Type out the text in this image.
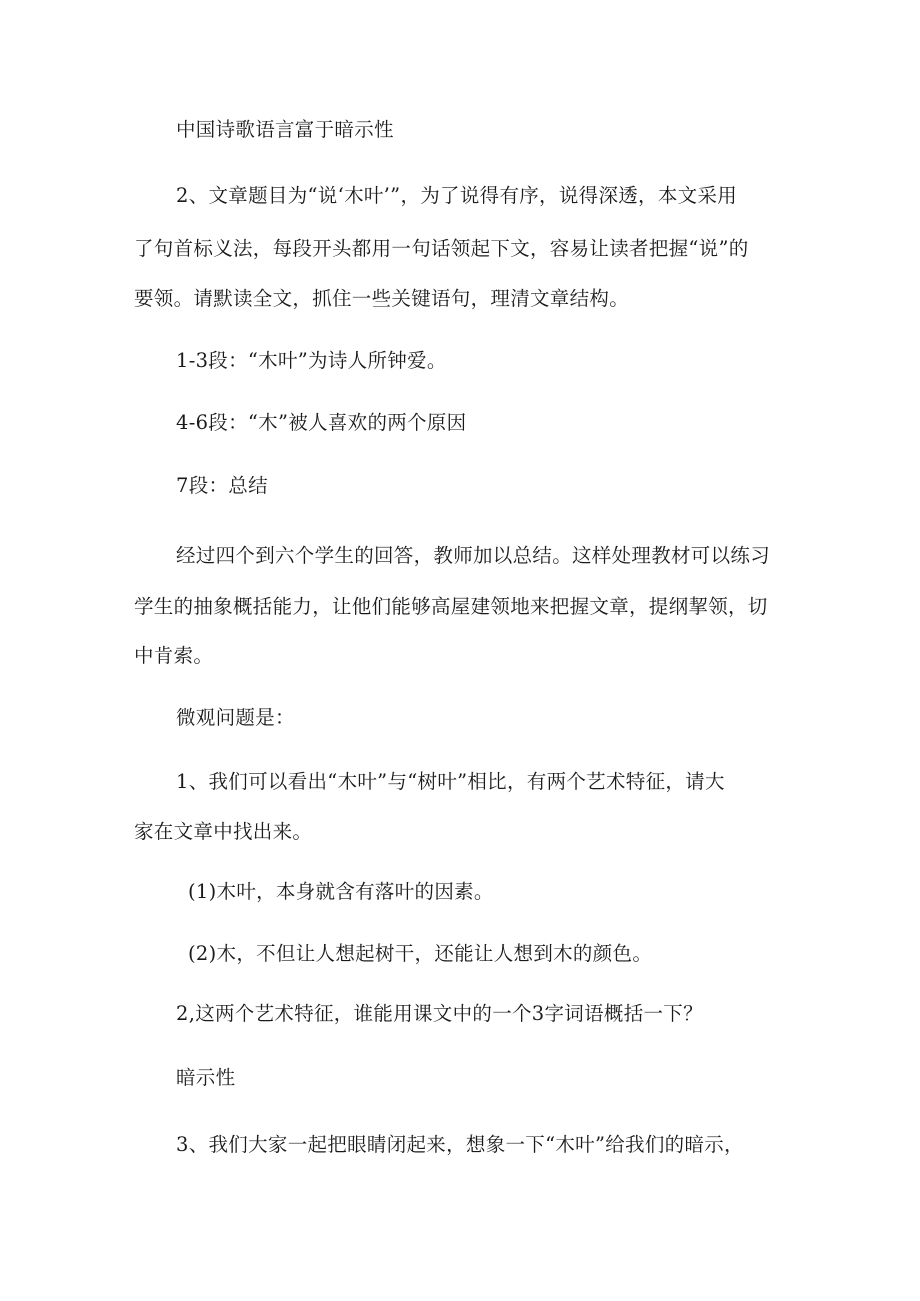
中国诗歌语言富于暗示性
2、文章题目为“说‘木叶’”，为了说得有序，说得深透，本文采用
了句首标义法，每段开头都用一句话领起下文，容易让读者把握“说”的
要领。请默读全文，抓住一些关键语句，理清文章结构。
1-3段：“木叶”为诗人所钟爱。
4-6段：“木”被人喜欢的两个原因
7段：总结
经过四个到六个学生的回答，教师加以总结。这样处理教材可以练习
学生的抽象概括能力，让他们能够高屋建领地来把握文章，提纲挈领，切
中肯索。
微观问题是：
1、我们可以看出“木叶”与“树叶”相比，有两个艺术特征，请大
家在文章中找出来。
(1)木叶，本身就含有落叶的因素。
(2)木，不但让人想起树干，还能让人想到木的颜色。
2,这两个艺术特征，谁能用课文中的一个3字词语概括一下？
暗示性
3、我们大家一起把眼睛闭起来，想象一下“木叶”给我们的暗示，
